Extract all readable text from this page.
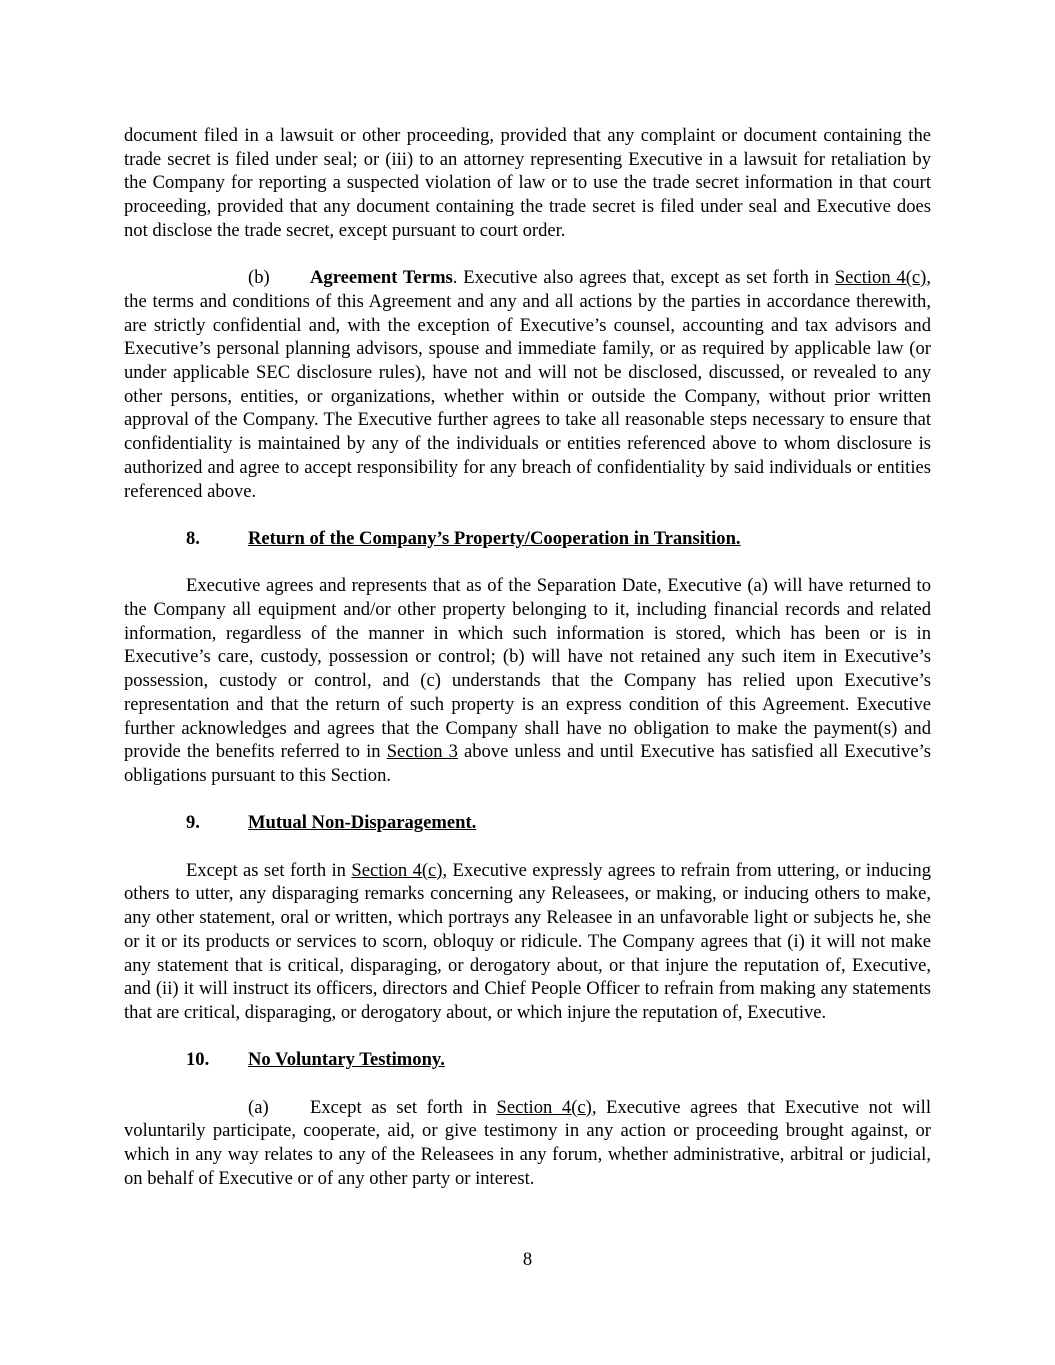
document filed in a lawsuit or other proceeding, provided that any complaint or document containing the trade secret is filed under seal; or (iii) to an attorney representing Executive in a lawsuit for retaliation by the Company for reporting a suspected violation of law or to use the trade secret information in that court proceeding, provided that any document containing the trade secret is filed under seal and Executive does not disclose the trade secret, except pursuant to court order.

(b) Agreement Terms. Executive also agrees that, except as set forth in Section 4(c), the terms and conditions of this Agreement and any and all actions by the parties in accordance therewith, are strictly confidential and, with the exception of Executive’s counsel, accounting and tax advisors and Executive’s personal planning advisors, spouse and immediate family, or as required by applicable law (or under applicable SEC disclosure rules), have not and will not be disclosed, discussed, or revealed to any other persons, entities, or organizations, whether within or outside the Company, without prior written approval of the Company. The Executive further agrees to take all reasonable steps necessary to ensure that confidentiality is maintained by any of the individuals or entities referenced above to whom disclosure is authorized and agree to accept responsibility for any breach of confidentiality by said individuals or entities referenced above.

8.	Return of the Company’s Property/Cooperation in Transition.

Executive agrees and represents that as of the Separation Date, Executive (a) will have returned to the Company all equipment and/or other property belonging to it, including financial records and related information, regardless of the manner in which such information is stored, which has been or is in Executive’s care, custody, possession or control; (b) will have not retained any such item in Executive’s possession, custody or control, and (c) understands that the Company has relied upon Executive’s representation and that the return of such property is an express condition of this Agreement. Executive further acknowledges and agrees that the Company shall have no obligation to make the payment(s) and provide the benefits referred to in Section 3 above unless and until Executive has satisfied all Executive’s obligations pursuant to this Section.

9.	Mutual Non-Disparagement.

Except as set forth in Section 4(c), Executive expressly agrees to refrain from uttering, or inducing others to utter, any disparaging remarks concerning any Releasees, or making, or inducing others to make, any other statement, oral or written, which portrays any Releasee in an unfavorable light or subjects he, she or it or its products or services to scorn, obloquy or ridicule. The Company agrees that (i) it will not make any statement that is critical, disparaging, or derogatory about, or that injure the reputation of, Executive, and (ii) it will instruct its officers, directors and Chief People Officer to refrain from making any statements that are critical, disparaging, or derogatory about, or which injure the reputation of, Executive.

10. No Voluntary Testimony.

(a) Except as set forth in Section 4(c), Executive agrees that Executive not will voluntarily participate, cooperate, aid, or give testimony in any action or proceeding brought against, or which in any way relates to any of the Releasees in any forum, whether administrative, arbitral or judicial, on behalf of Executive or of any other party or interest.

8
